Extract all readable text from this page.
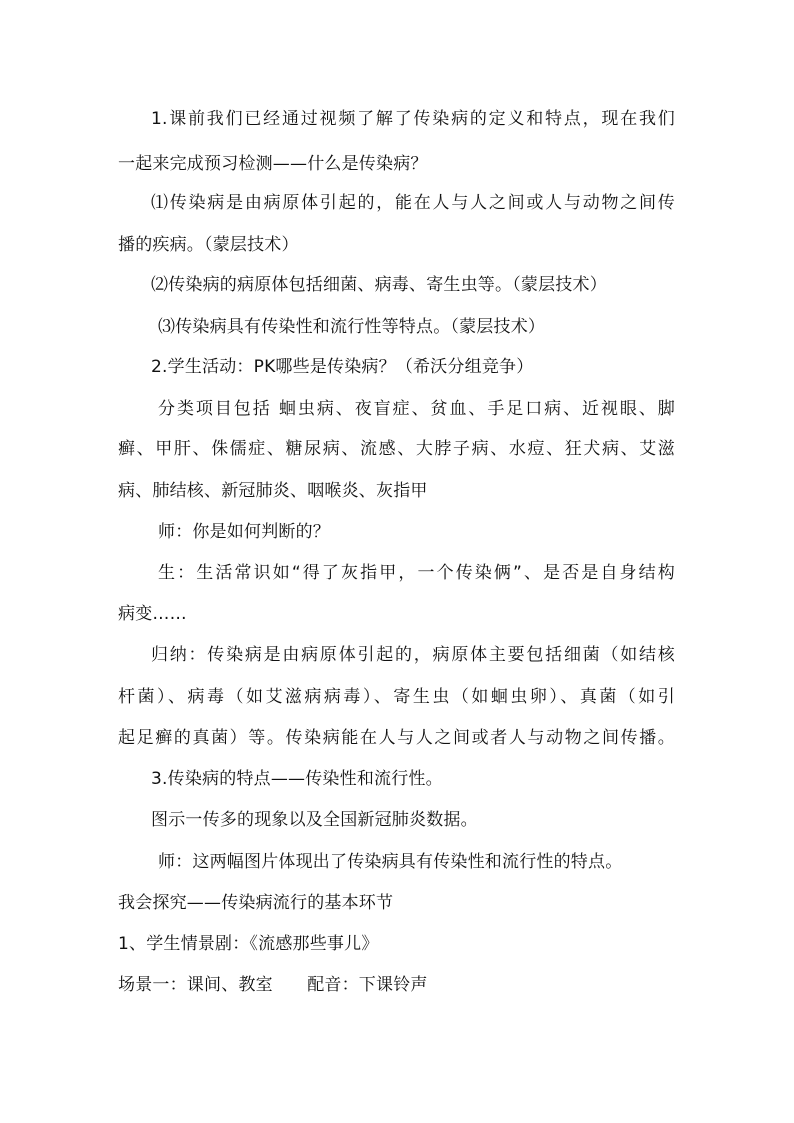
1.课前我们已经通过视频了解了传染病的定义和特点，现在我们
一起来完成预习检测——什么是传染病？
⑴传染病是由病原体引起的，能在人与人之间或人与动物之间传
播的疾病。（蒙层技术）
⑵传染病的病原体包括细菌、病毒、寄生虫等。（蒙层技术）
⑶传染病具有传染性和流行性等特点。（蒙层技术）
2.学生活动：PK哪些是传染病？（希沃分组竞争）
分类项目包括 蛔虫病、夜盲症、贫血、手足口病、近视眼、脚
癣、甲肝、侏儒症、糖尿病、流感、大脖子病、水痘、狂犬病、艾滋
病、肺结核、新冠肺炎、咽喉炎、灰指甲
师：你是如何判断的？
生：生活常识如“得了灰指甲，一个传染俩”、是否是自身结构
病变……
归纳：传染病是由病原体引起的，病原体主要包括细菌（如结核
杆菌）、病毒（如艾滋病病毒）、寄生虫（如蛔虫卵）、真菌（如引
起足癣的真菌）等。传染病能在人与人之间或者人与动物之间传播。
3.传染病的特点——传染性和流行性。
图示一传多的现象以及全国新冠肺炎数据。
师：这两幅图片体现出了传染病具有传染性和流行性的特点。
我会探究——传染病流行的基本环节
1、学生情景剧：《流感那些事儿》
场景一：课间、教室　　配音：下课铃声
